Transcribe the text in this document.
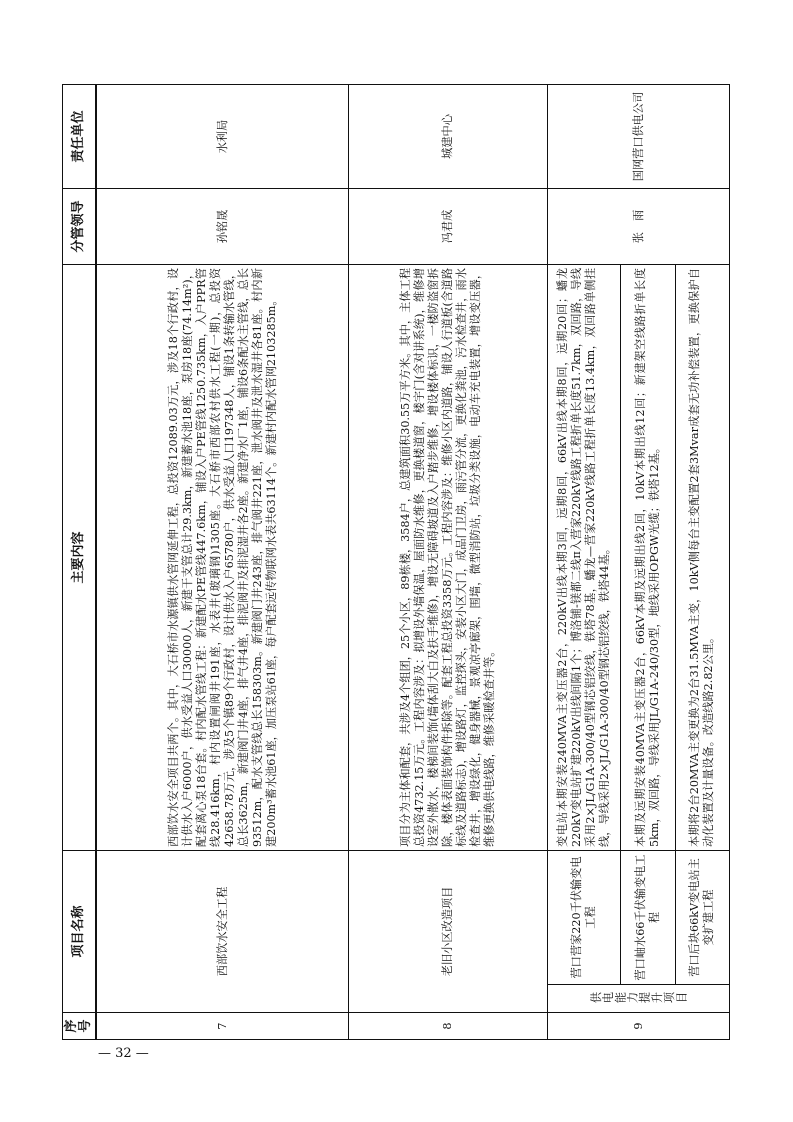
序号	项目名称		主要内容	分管领导	责任单位
7	西部饮水安全工程		西部饮水安全项目共两个。其中，大石桥市水源镇供水管网延伸工程，总投资12089.03万元，涉及18个行政村，设计供水入户6000户，供水受益人口30000人，新建干支管总计29.3km，新建蓄水池18座，泵房18座(74.14m²)，配套离心泵18台套。村内配水管线工程：新建配水PE管线447.6km，铺设入户PE管线1250.735km，入户PPR管线28.416km，村内设置闸阀井191座，水表井(玻璃钢)1305座。大石桥市西部农村供水工程(一期)，总投资42658.78万元，涉及5个镇89个行政村，设计供水入户65780户，供水受益人口197348人，铺设1条转输水管线，总长3625m，新建阀门井4座，排气井4座，排泥阀井及排泥湿井各2座。新建净水厂1座，铺设6条配水主管线，总长93512m，配水支管线总长158303m。新建阀门井243座，排气阀井221座，泄水阀井及泄水湿井各81座。村内新建200m³蓄水池61座，加压泵站61座，每户配套远传物联网水表共63114个。新建村内配水管网2103285m。	孙铭晟	水利局
8	老旧小区改造项目		项目分为主体和配套，共涉及4个组团，25个小区，89栋楼，3584户，总建筑面积30.55万平方米。其中，主体工程总投资4732.15万元。工程内容涉及：拟增设外墙保温，屋面防水维修，更换楼道窗，楼宇门(含对讲系统)，维修增设室外散水，楼梯间装饰(墙体刮大白及扶手维修)，增设无障碍坡道及入户踏步维修，增设楼体标识，一楼防盗窗拆除，楼体表面装饰构件拆除等。配套工程总投资3358万元。工程内容涉及：维修小区内道路，铺设人行道板(含道路标线及道路标志)，增设路灯，监控探头，安装小区大门，成品门卫房，雨污管分流，更换化粪池，污水检查井，雨水检查井，增设绿化，健身器械，景观凉亭廊架，围墙，微型消防站，垃圾分类设施，电动车充电装置，增设变压器，维修更换供电线路，维修采暖检查井等。	冯君成	城建中心
9	供电能力提升项目	营口营家220千伏输变电工程	变电站本期安装240MVA主变压器2台，220kV出线本期3回，远期8回，66kV出线本期8回，远期20回；蟠龙220kV变电站扩建220kV出线间隔1个；博洛铺-镁都二线π入营家220kV线路工程折单长度51.7km，双回路，导线采用2×JL/G1A-300/40型钢芯铝绞线，铁塔78基，蟠龙—营家220kV线路工程折单长度13.4km，双回路单侧挂线，导线采用2×JL/G1A-300/40型钢芯铝绞线，铁塔44基。	张　雨	国网营口供电公司
		营口岫水66千伏输变电工程	本期及远期安装40MVA主变压器2台，66kV本期及远期出线2回，10kV本期出线12回；新建架空线路折单长度5km，双回路，导线采用JL/G1A-240/30型，地线采用OPGW光缆；铁塔12基。		
		营口后块66kV变电站主变扩建工程	本期将2台20MVA主变更换为2台31.5MVA主变，10kV侧每台主变配置2套3Mvar成套无功补偿装置，更换保护自动化装置及计量设备。改造线路2.82公里。		
— 32 —
